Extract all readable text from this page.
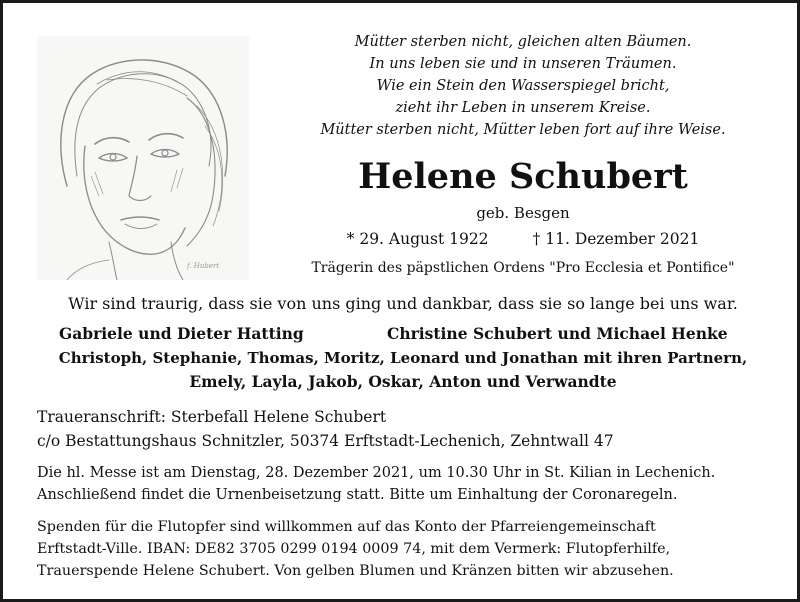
f. Hubert
Mütter sterben nicht, gleichen alten Bäumen.
In uns leben sie und in unseren Träumen.
Wie ein Stein den Wasserspiegel bricht,
zieht ihr Leben in unserem Kreise.
Mütter sterben nicht, Mütter leben fort auf ihre Weise.
Helene Schubert
geb. Besgen
* 29. August 1922	† 11. Dezember 2021
Trägerin des päpstlichen Ordens "Pro Ecclesia et Pontifice"
Wir sind traurig, dass sie von uns ging und dankbar, dass sie so lange bei uns war.
Gabriele und Dieter Hatting	Christine Schubert und Michael Henke
Christoph, Stephanie, Thomas, Moritz, Leonard und Jonathan mit ihren Partnern,
Emely, Layla, Jakob, Oskar, Anton und Verwandte
Traueranschrift: Sterbefall Helene Schubert
c/o Bestattungshaus Schnitzler, 50374 Erftstadt-Lechenich, Zehntwall 47
Die hl. Messe ist am Dienstag, 28. Dezember 2021, um 10.30 Uhr in St. Kilian in Lechenich.
Anschließend findet die Urnenbeisetzung statt. Bitte um Einhaltung der Coronaregeln.
Spenden für die Flutopfer sind willkommen auf das Konto der Pfarreiengemeinschaft
Erftstadt-Ville. IBAN: DE82 3705 0299 0194 0009 74, mit dem Vermerk: Flutopferhilfe,
Trauerspende Helene Schubert. Von gelben Blumen und Kränzen bitten wir abzusehen.
